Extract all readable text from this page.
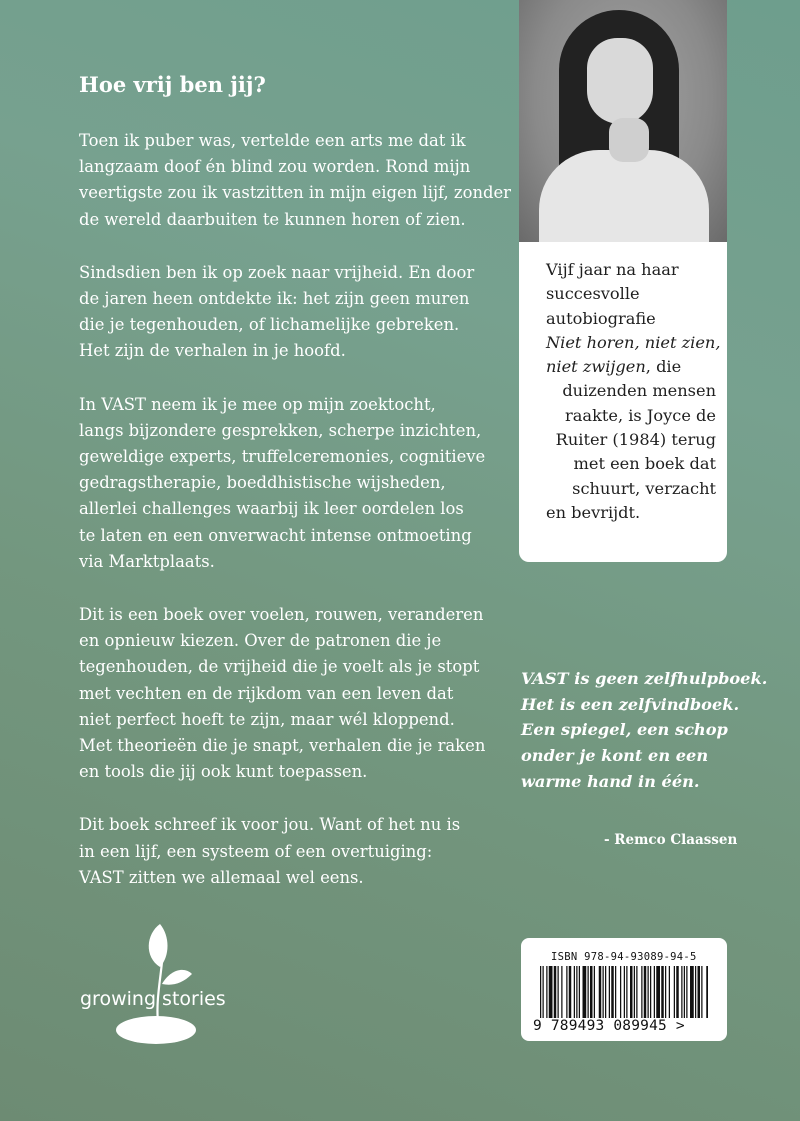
Hoe vrij ben jij?

Toen ik puber was, vertelde een arts me dat ik
langzaam doof én blind zou worden. Rond mijn
veertigste zou ik vastzitten in mijn eigen lijf, zonder
de wereld daarbuiten te kunnen horen of zien.

Sindsdien ben ik op zoek naar vrijheid. En door
de jaren heen ontdekte ik: het zijn geen muren
die je tegenhouden, of lichamelijke gebreken.
Het zijn de verhalen in je hoofd.

In VAST neem ik je mee op mijn zoektocht,
langs bijzondere gesprekken, scherpe inzichten,
geweldige experts, truffelceremonies, cognitieve
gedragstherapie, boeddhistische wijsheden,
allerlei challenges waarbij ik leer oordelen los
te laten en een onverwacht intense ontmoeting
via Marktplaats.

Dit is een boek over voelen, rouwen, veranderen
en opnieuw kiezen. Over de patronen die je
tegenhouden, de vrijheid die je voelt als je stopt
met vechten en de rijkdom van een leven dat
niet perfect hoeft te zijn, maar wél kloppend.
Met theorieën die je snapt, verhalen die je raken
en tools die jij ook kunt toepassen.

Dit boek schreef ik voor jou. Want of het nu is
in een lijf, een systeem of een overtuiging:
VAST zitten we allemaal wel eens.

Vijf jaar na haar
succesvolle
autobiografie
Niet horen, niet zien,
niet zwijgen, die
duizenden mensen
raakte, is Joyce de
Ruiter (1984) terug
met een boek dat
schuurt, verzacht
en bevrijdt.
VAST is geen zelfhulpboek.
Het is een zelfvindboek.
Een spiegel, een schop
onder je kont en een
warme hand in één.
- Remco Claassen
growing stories
ISBN 978-94-93089-94-5
9 789493 089945 >
